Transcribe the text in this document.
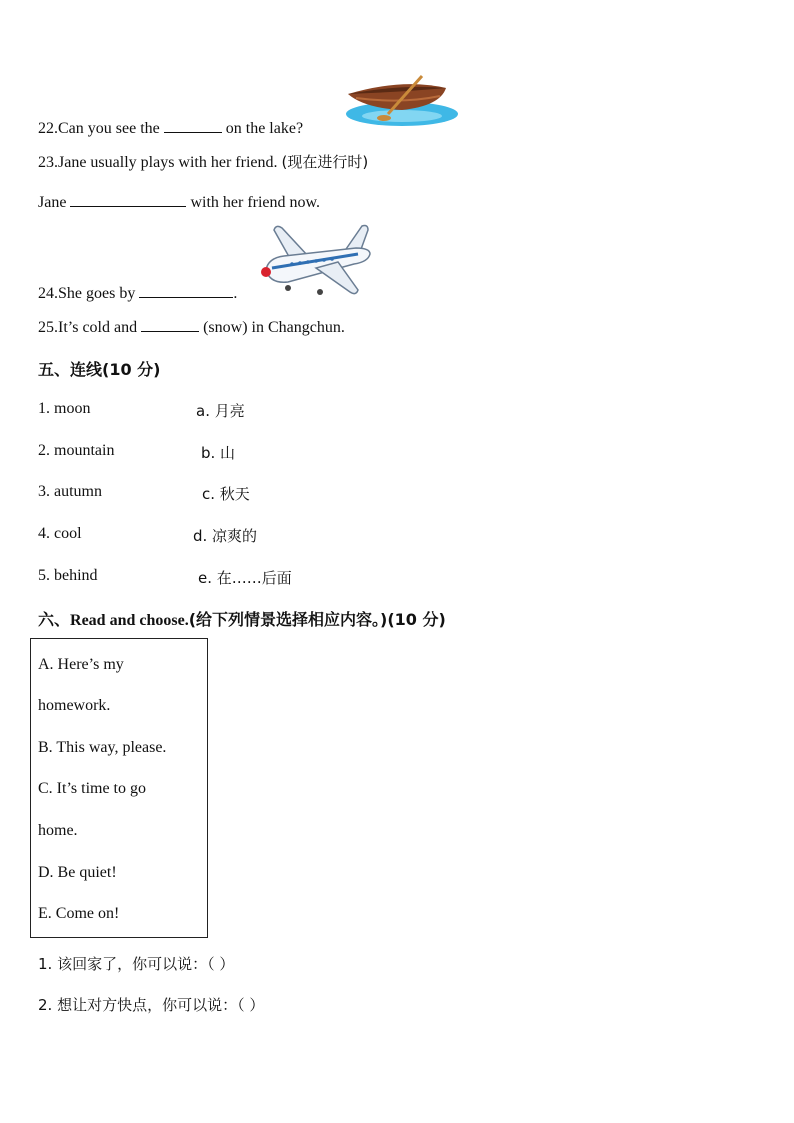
22.Can you see the	on the lake?
23.Jane usually plays with her friend. (现在进行时)
Jane	with her friend now.
24.She goes by	.
25.It’s cold and	(snow) in Changchun.
五、连线(10 分)
1. moon	a. 月亮
2. mountain	b. 山
3. autumn	c. 秋天
4. cool	d. 凉爽的
5. behind	e. 在……后面
六、Read and choose.(给下列情景选择相应内容。)(10 分)
A. Here’s my
homework.
B. This way, please.
C. It’s time to go
home.
D. Be quiet!
E. Come on!
1. 该回家了，你可以说：（ ）
2. 想让对方快点，你可以说：（ ）
